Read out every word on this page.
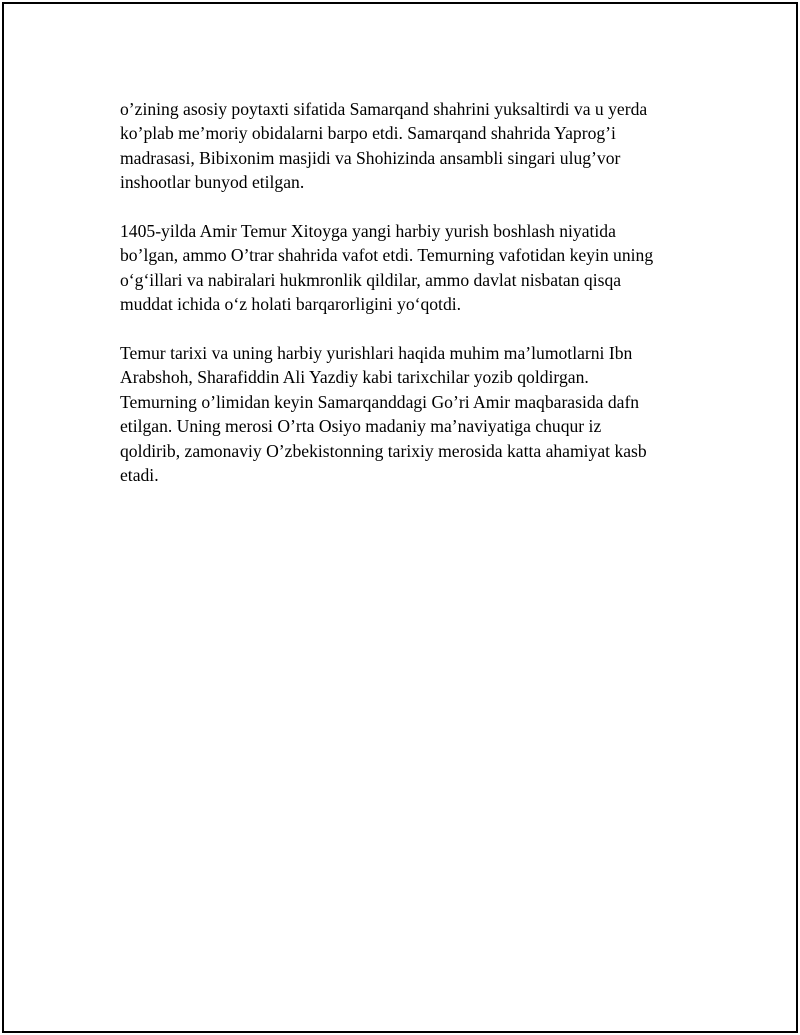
o’zining asosiy poytaxti sifatida Samarqand shahrini yuksaltirdi va u yerda
ko’plab me’moriy obidalarni barpo etdi. Samarqand shahrida Yaprog’i
madrasasi, Bibixonim masjidi va Shohizinda ansambli singari ulug’vor
inshootlar bunyod etilgan.

1405-yilda Amir Temur Xitoyga yangi harbiy yurish boshlash niyatida
bo’lgan, ammo O’trar shahrida vafot etdi. Temurning vafotidan keyin uning
o‘g‘illari va nabiralari hukmronlik qildilar, ammo davlat nisbatan qisqa
muddat ichida o‘z holati barqarorligini yo‘qotdi.

Temur tarixi va uning harbiy yurishlari haqida muhim ma’lumotlarni Ibn
Arabshoh, Sharafiddin Ali Yazdiy kabi tarixchilar yozib qoldirgan.
Temurning o’limidan keyin Samarqanddagi Go’ri Amir maqbarasida dafn
etilgan. Uning merosi O’rta Osiyo madaniy ma’naviyatiga chuqur iz
qoldirib, zamonaviy O’zbekistonning tarixiy merosida katta ahamiyat kasb
etadi.
